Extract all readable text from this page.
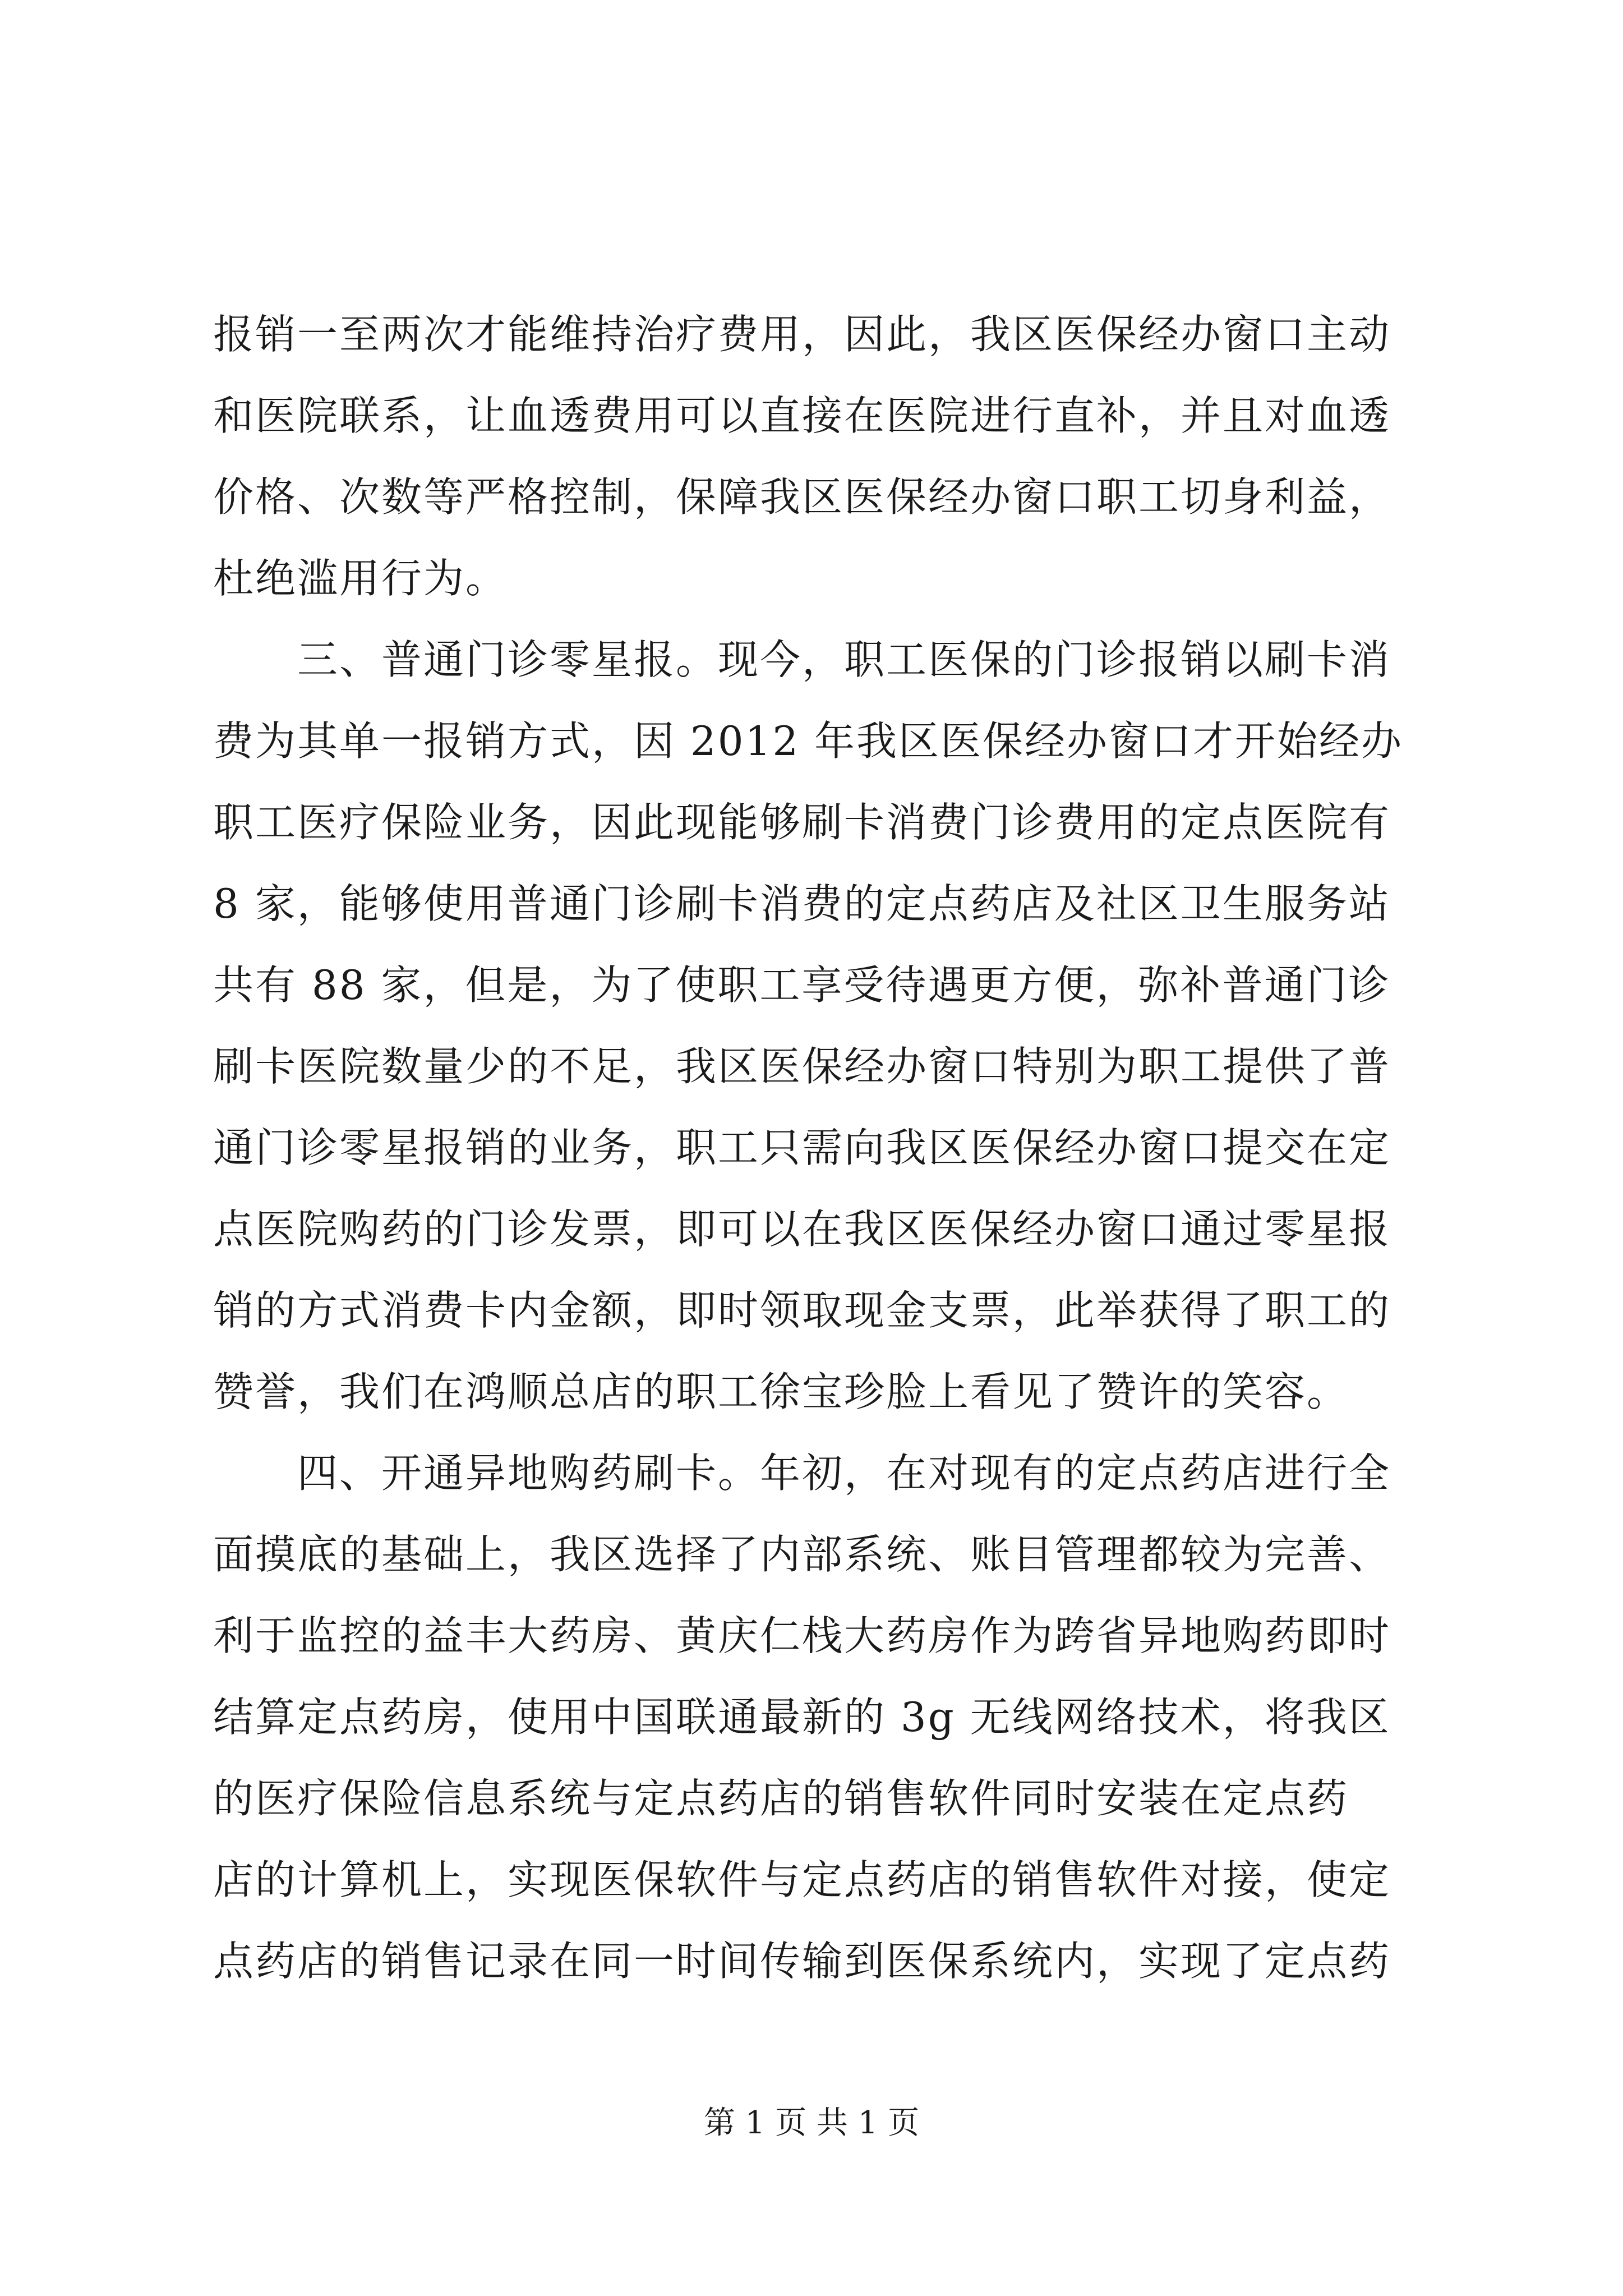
报销一至两次才能维持治疗费用，因此，我区医保经办窗口主动
和医院联系，让血透费用可以直接在医院进行直补，并且对血透
价格、次数等严格控制，保障我区医保经办窗口职工切身利益，
杜绝滥用行为。
三、普通门诊零星报。现今，职工医保的门诊报销以刷卡消
费为其单一报销方式，因 2012 年我区医保经办窗口才开始经办
职工医疗保险业务，因此现能够刷卡消费门诊费用的定点医院有
8 家，能够使用普通门诊刷卡消费的定点药店及社区卫生服务站
共有 88 家，但是，为了使职工享受待遇更方便，弥补普通门诊
刷卡医院数量少的不足，我区医保经办窗口特别为职工提供了普
通门诊零星报销的业务，职工只需向我区医保经办窗口提交在定
点医院购药的门诊发票，即可以在我区医保经办窗口通过零星报
销的方式消费卡内金额，即时领取现金支票，此举获得了职工的
赞誉，我们在鸿顺总店的职工徐宝珍脸上看见了赞许的笑容。
四、开通异地购药刷卡。年初，在对现有的定点药店进行全
面摸底的基础上，我区选择了内部系统、账目管理都较为完善、
利于监控的益丰大药房、黄庆仁栈大药房作为跨省异地购药即时
结算定点药房，使用中国联通最新的 3g 无线网络技术，将我区
的医疗保险信息系统与定点药店的销售软件同时安装在定点药
店的计算机上，实现医保软件与定点药店的销售软件对接，使定
点药店的销售记录在同一时间传输到医保系统内，实现了定点药
第 1 页 共 1 页
